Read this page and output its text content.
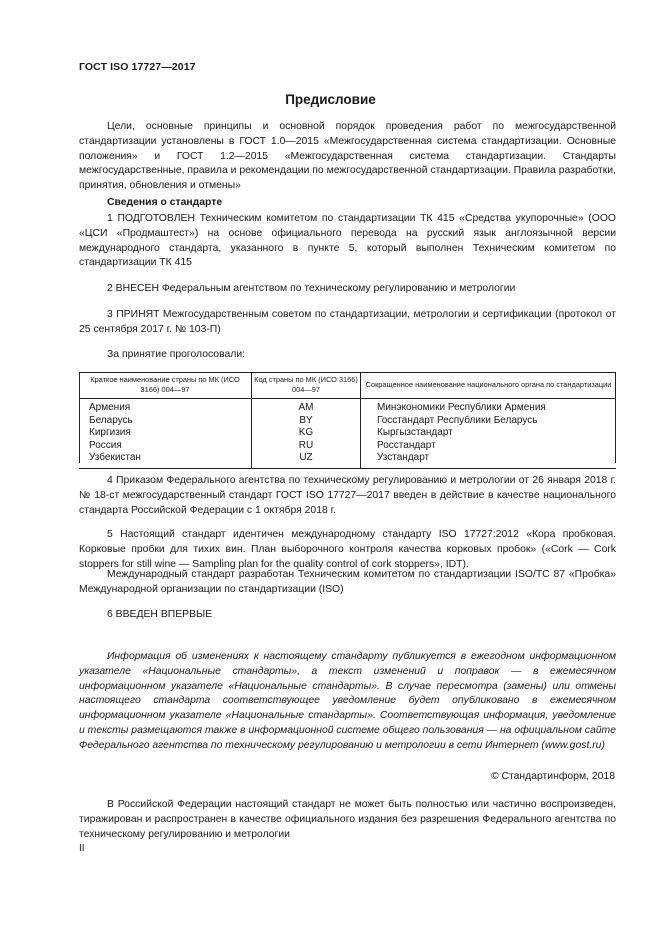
ГОСТ ISO 17727—2017
Предисловие
Цели, основные принципы и основной порядок проведения работ по межгосударственной стандартизации установлены в ГОСТ 1.0—2015 «Межгосударственная система стандартизации. Основные положения» и ГОСТ 1.2—2015 «Межгосударственная система стандартизации. Стандарты межгосударственные, правила и рекомендации по межгосударственной стандартизации. Правила разработки, принятия, обновления и отмены»
Сведения о стандарте
1 ПОДГОТОВЛЕН Техническим комитетом по стандартизации ТК 415 «Средства укупорочные» (ООО «ЦСИ «Продмаштест») на основе официального перевода на русский язык англоязычной версии международного стандарта, указанного в пункте 5, который выполнен Техническим комитетом по стандартизации ТК 415
2 ВНЕСЕН Федеральным агентством по техническому регулированию и метрологии
3 ПРИНЯТ Межгосударственным советом по стандартизации, метрологии и сертификации (протокол от 25 сентября 2017 г. № 103-П)
За принятие проголосовали:
Краткое наименование страны по МК (ИСО 3166) 004—97	Код страны по МК (ИСО 3166) 004—97	Сокращенное наименование национального органа по стандартизации
Армения	AM	Минэкономики Республики Армения
Беларусь	BY	Госстандарт Республики Беларусь
Киргизия	KG	Кыргызстандарт
Россия	RU	Росстандарт
Узбекистан	UZ	Узстандарт
4 Приказом Федерального агентства по техническому регулированию и метрологии от 26 января 2018 г. № 18-ст межгосударственный стандарт ГОСТ ISO 17727—2017 введен в действие в качестве национального стандарта Российской Федерации с 1 октября 2018 г.
5 Настоящий стандарт идентичен международному стандарту ISO 17727:2012 «Кора пробковая. Корковые пробки для тихих вин. План выборочного контроля качества корковых пробок» («Cork — Cork stoppers for still wine — Sampling plan for the quality control of cork stoppers», IDT).
Международный стандарт разработан Техническим комитетом по стандартизации ISO/TC 87 «Пробка» Международной организации по стандартизации (ISO)
6 ВВЕДЕН ВПЕРВЫЕ
Информация об изменениях к настоящему стандарту публикуется в ежегодном информационном указателе «Национальные стандарты», а текст изменений и поправок — в ежемесячном информационном указателе «Национальные стандарты». В случае пересмотра (замены) или отмены настоящего стандарта соответствующее уведомление будет опубликовано в ежемесячном информационном указателе «Национальные стандарты». Соответствующая информация, уведомление и тексты размещаются также в информационной системе общего пользования — на официальном сайте Федерального агентства по техническому регулированию и метрологии в сети Интернет (www.gost.ru)
© Стандартинформ, 2018
В Российской Федерации настоящий стандарт не может быть полностью или частично воспроизведен, тиражирован и распространен в качестве официального издания без разрешения Федерального агентства по техническому регулированию и метрологии
II
